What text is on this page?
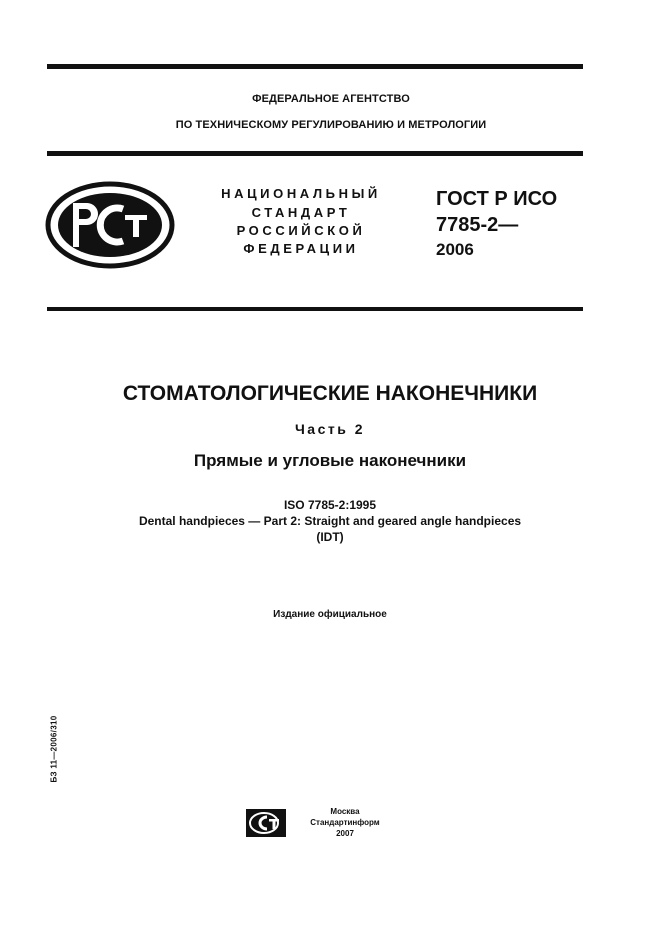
ФЕДЕРАЛЬНОЕ АГЕНТСТВО
ПО ТЕХНИЧЕСКОМУ РЕГУЛИРОВАНИЮ И МЕТРОЛОГИИ
НАЦИОНАЛЬНЫЙ
СТАНДАРТ
РОССИЙСКОЙ
ФЕДЕРАЦИИ
ГОСТ Р ИСО
7785-2—
2006
СТОМАТОЛОГИЧЕСКИЕ НАКОНЕЧНИКИ
Часть 2
Прямые и угловые наконечники
ISO 7785-2:1995
Dental handpieces — Part 2: Straight and geared angle handpieces
(IDT)
Издание официальное
БЗ 11—2006/310
Москва
Стандартинформ
2007
